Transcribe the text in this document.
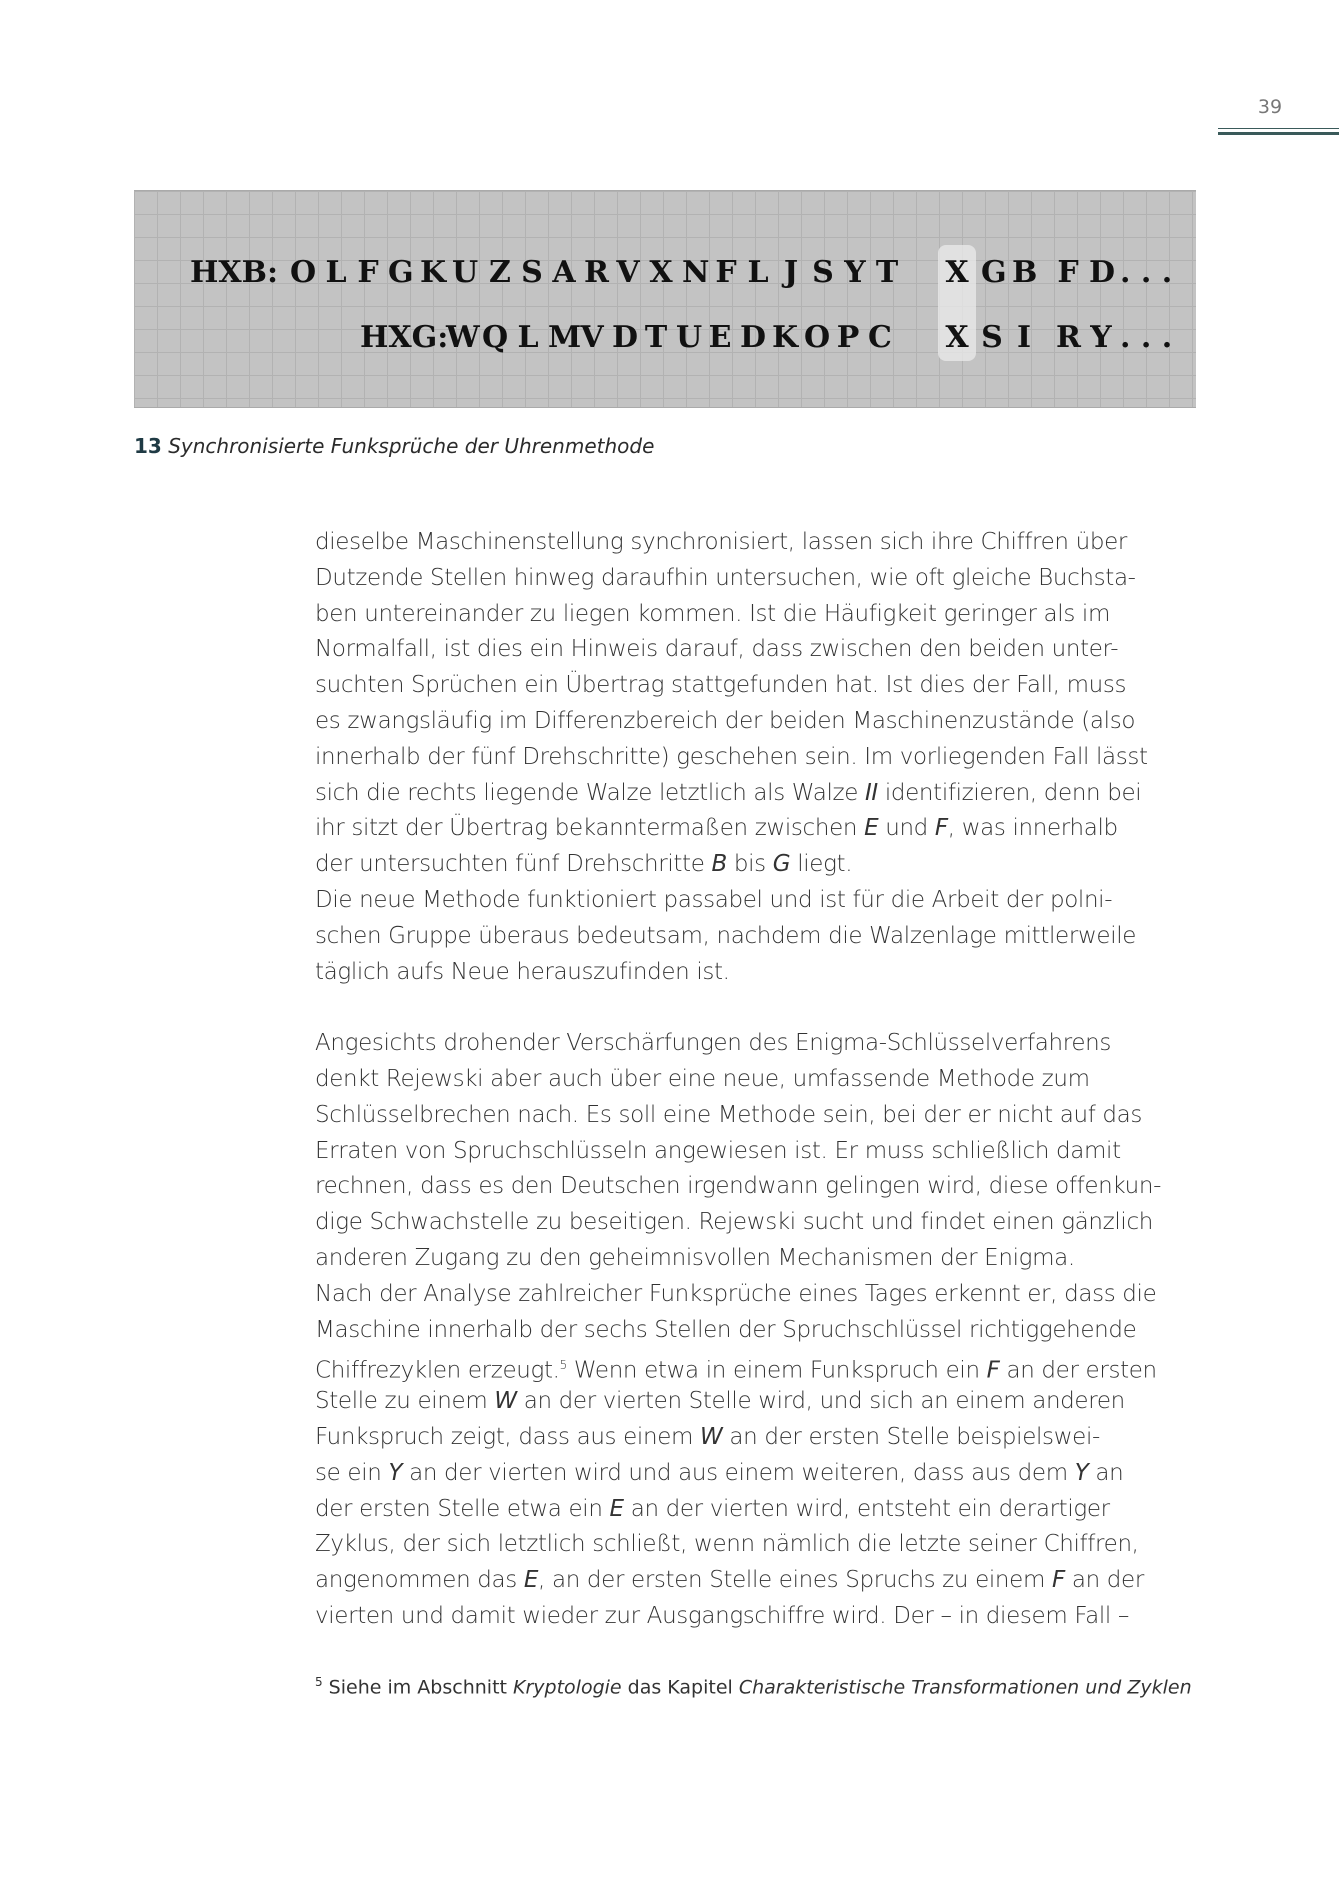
39
HXB: O L F G K U Z S A R V X N F L J S Y T X G B F D . . .
HXG:
W Q L M V D T U E D K O P C X S I R Y . . .
13 Synchronisierte Funksprüche der Uhrenmethode
dieselbe Maschinenstellung synchronisiert, lassen sich ihre Chiffren über
Dutzende Stellen hinweg daraufhin untersuchen, wie oft gleiche Buchsta-
ben untereinander zu liegen kommen. Ist die Häufigkeit geringer als im
Normalfall, ist dies ein Hinweis darauf, dass zwischen den beiden unter-
suchten Sprüchen ein Übertrag stattgefunden hat. Ist dies der Fall, muss
es zwangsläufig im Differenzbereich der beiden Maschinenzustände (also
innerhalb der fünf Drehschritte) geschehen sein. Im vorliegenden Fall lässt
sich die rechts liegende Walze letztlich als Walze II identifizieren, denn bei
ihr sitzt der Übertrag bekanntermaßen zwischen E und F, was innerhalb
der untersuchten fünf Drehschritte B bis G liegt.
Die neue Methode funktioniert passabel und ist für die Arbeit der polni-
schen Gruppe überaus bedeutsam, nachdem die Walzenlage mittlerweile
täglich aufs Neue herauszufinden ist.
Angesichts drohender Verschärfungen des Enigma-Schlüsselverfahrens
denkt Rejewski aber auch über eine neue, umfassende Methode zum
Schlüsselbrechen nach. Es soll eine Methode sein, bei der er nicht auf das
Erraten von Spruchschlüsseln angewiesen ist. Er muss schließlich damit
rechnen, dass es den Deutschen irgendwann gelingen wird, diese offenkun-
dige Schwachstelle zu beseitigen. Rejewski sucht und findet einen gänzlich
anderen Zugang zu den geheimnisvollen Mechanismen der Enigma.
Nach der Analyse zahlreicher Funksprüche eines Tages erkennt er, dass die
Maschine innerhalb der sechs Stellen der Spruchschlüssel richtiggehende
Chiffrezyklen erzeugt.$^5$ Wenn etwa in einem Funkspruch ein F an der ersten
Stelle zu einem W an der vierten Stelle wird, und sich an einem anderen
Funkspruch zeigt, dass aus einem W an der ersten Stelle beispielswei-
se ein Y an der vierten wird und aus einem weiteren, dass aus dem Y an
der ersten Stelle etwa ein E an der vierten wird, entsteht ein derartiger
Zyklus, der sich letztlich schließt, wenn nämlich die letzte seiner Chiffren,
angenommen das E, an der ersten Stelle eines Spruchs zu einem F an der
vierten und damit wieder zur Ausgangschiffre wird. Der – in diesem Fall –
$^5$ Siehe im Abschnitt Kryptologie das Kapitel Charakteristische Transformationen und Zyklen
